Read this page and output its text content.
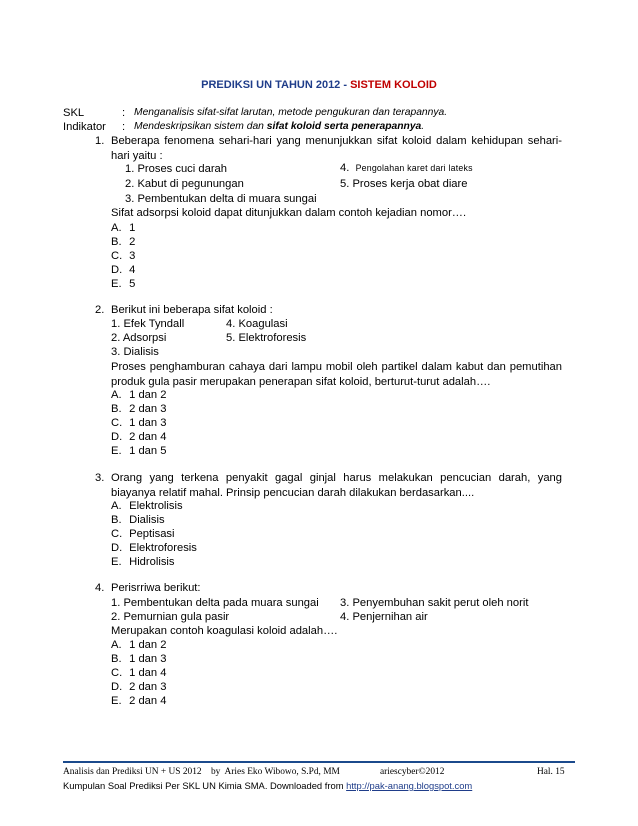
PREDIKSI UN TAHUN 2012 - SISTEM KOLOID
SKL	: Menganalisis sifat-sifat larutan, metode pengukuran dan terapannya.
Indikator : Mendeskripsikan sistem dan sifat koloid serta penerapannya.
1. Beberapa fenomena sehari-hari yang menunjukkan sifat koloid dalam kehidupan sehari-hari yaitu :
1. Proses cuci darah
2. Kabut di pegunungan
3. Pembentukan delta di muara sungai
4. Pengolahan karet dari lateks
5. Proses kerja obat diare
Sifat adsorpsi koloid dapat ditunjukkan dalam contoh kejadian nomor….
A. 1
B. 2
C. 3
D. 4
E. 5
2. Berikut ini beberapa sifat koloid :
1. Efek Tyndall
2. Adsorpsi
3. Dialisis
4. Koagulasi
5. Elektroforesis
Proses penghamburan cahaya dari lampu mobil oleh partikel dalam kabut dan pemutihan produk gula pasir merupakan penerapan sifat koloid, berturut-turut adalah….
A. 1 dan 2
B. 2 dan 3
C. 1 dan 3
D. 2 dan 4
E. 1 dan 5
3. Orang yang terkena penyakit gagal ginjal harus melakukan pencucian darah, yang biayanya relatif mahal. Prinsip pencucian darah dilakukan berdasarkan....
A. Elektrolisis
B. Dialisis
C. Peptisasi
D. Elektroforesis
E. Hidrolisis
4. Perisrriwa berikut:
1. Pembentukan delta pada muara sungai
2. Pemurnian gula pasir
3. Penyembuhan sakit perut oleh norit
4. Penjernihan air
Merupakan contoh koagulasi koloid adalah….
A. 1 dan 2
B. 1 dan 3
C. 1 dan 4
D. 2 dan 3
E. 2 dan 4
Analisis dan Prediksi UN + US 2012    by  Aries Eko Wibowo, S.Pd, MM	ariescyber©2012	Hal. 15
Kumpulan Soal Prediksi Per SKL UN Kimia SMA. Downloaded from http://pak-anang.blogspot.com
